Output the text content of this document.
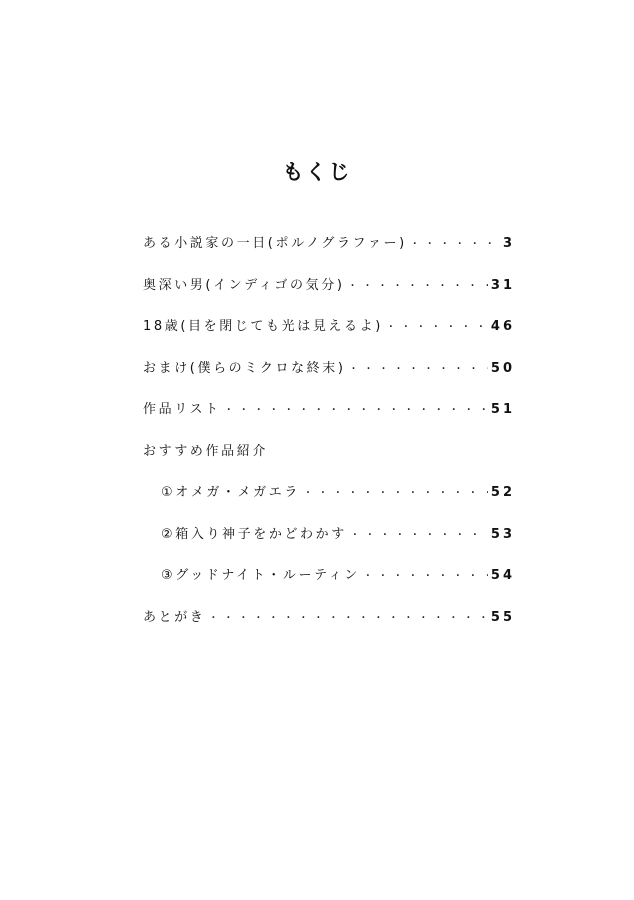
もくじ
ある小説家の一日(ポルノグラファー) ・・・・・・・・・・・・・・・・・・・・・・・・・・・・・・・・・・・・・・・・・・・・・・・・・・・・	3
奥深い男(インディゴの気分) ・・・・・・・・・・・・・・・・・・・・・・・・・・・・・・・・・・・・・・・・・・・・・・・・・・・・	31
18歳(目を閉じても光は見えるよ) ・・・・・・・・・・・・・・・・・・・・・・・・・・・・・・・・・・・・・・・・・・・・・・・・・・・・	46
おまけ(僕らのミクロな終末) ・・・・・・・・・・・・・・・・・・・・・・・・・・・・・・・・・・・・・・・・・・・・・・・・・・・・	50
作品リスト ・・・・・・・・・・・・・・・・・・・・・・・・・・・・・・・・・・・・・・・・・・・・・・・・・・・・	51
おすすめ作品紹介
①オメガ・メガエラ ・・・・・・・・・・・・・・・・・・・・・・・・・・・・・・・・・・・・・・・・・・・・・・・・・・・・	52
②箱入り神子をかどわかす ・・・・・・・・・・・・・・・・・・・・・・・・・・・・・・・・・・・・・・・・・・・・・・・・・・・・	53
③グッドナイト・ルーティン ・・・・・・・・・・・・・・・・・・・・・・・・・・・・・・・・・・・・・・・・・・・・・・・・・・・・	54
あとがき ・・・・・・・・・・・・・・・・・・・・・・・・・・・・・・・・・・・・・・・・・・・・・・・・・・・・	55
